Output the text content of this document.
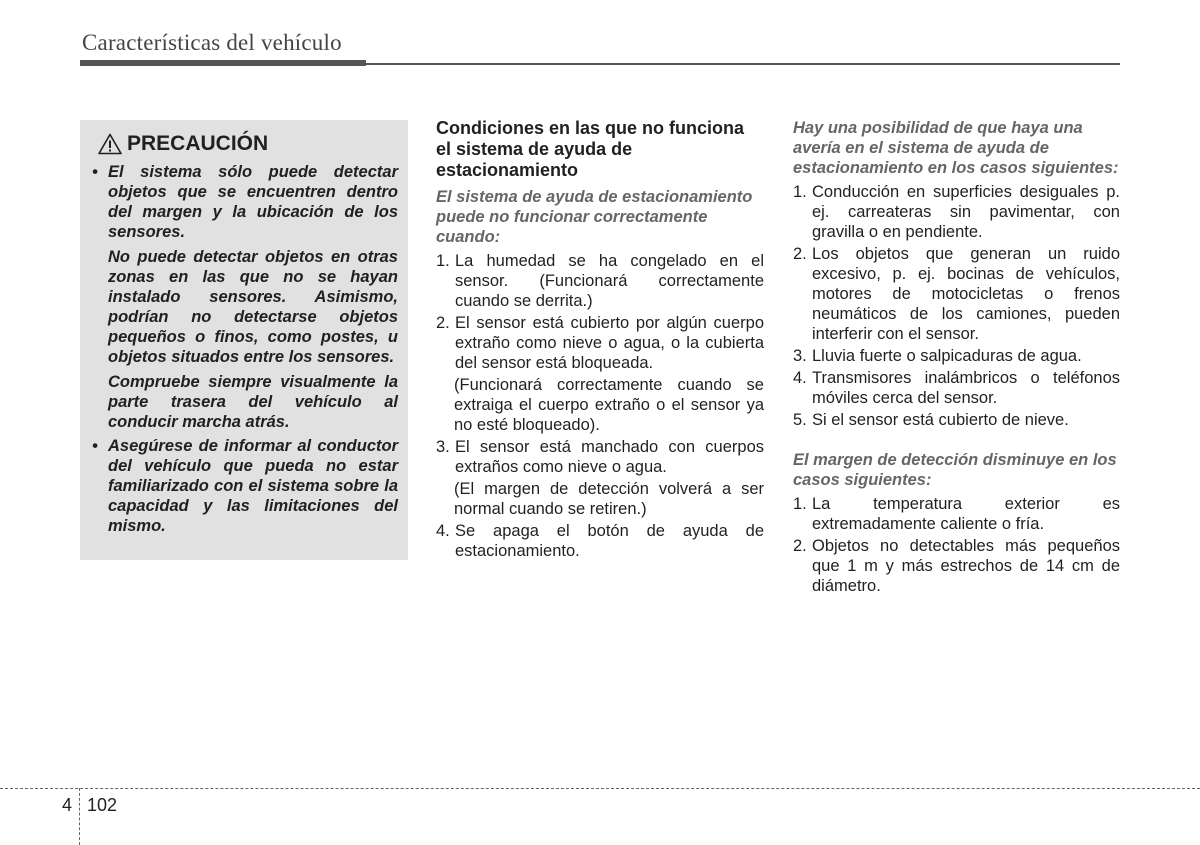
Características del vehículo
PRECAUCIÓN
• El sistema sólo puede detectar objetos que se encuentren dentro del margen y la ubicación de los sensores.
No puede detectar objetos en otras zonas en las que no se hayan instalado sensores. Asimismo, podrían no detectarse objetos pequeños o finos, como postes, u objetos situados entre los sensores.
Compruebe siempre visualmente la parte trasera del vehículo al conducir marcha atrás.
• Asegúrese de informar al conductor del vehículo que pueda no estar familiarizado con el sistema sobre la capacidad y las limitaciones del mismo.
Condiciones en las que no funciona el sistema de ayuda de estacionamiento
El sistema de ayuda de estacionamiento puede no funcionar correctamente cuando:
1. La humedad se ha congelado en el sensor. (Funcionará correctamente cuando se derrita.)
2. El sensor está cubierto por algún cuerpo extraño como nieve o agua, o la cubierta del sensor está bloqueada.
(Funcionará correctamente cuando se extraiga el cuerpo extraño o el sensor ya no esté bloqueado).
3. El sensor está manchado con cuerpos extraños como nieve o agua.
(El margen de detección volverá a ser normal cuando se retiren.)
4. Se apaga el botón de ayuda de estacionamiento.
Hay una posibilidad de que haya una avería en el sistema de ayuda de estacionamiento en los casos siguientes:
1. Conducción en superficies desiguales p. ej. carreateras sin pavimentar, con gravilla o en pendiente.
2. Los objetos que generan un ruido excesivo, p. ej. bocinas de vehículos, motores de motocicletas o frenos neumáticos de los camiones, pueden interferir con el sensor.
3. Lluvia fuerte o salpicaduras de agua.
4. Transmisores inalámbricos o teléfonos móviles cerca del sensor.
5. Si el sensor está cubierto de nieve.
El margen de detección disminuye en los casos siguientes:
1. La temperatura exterior es extremadamente caliente o fría.
2. Objetos no detectables más pequeños que 1 m y más estrechos de 14 cm de diámetro.
4 102
